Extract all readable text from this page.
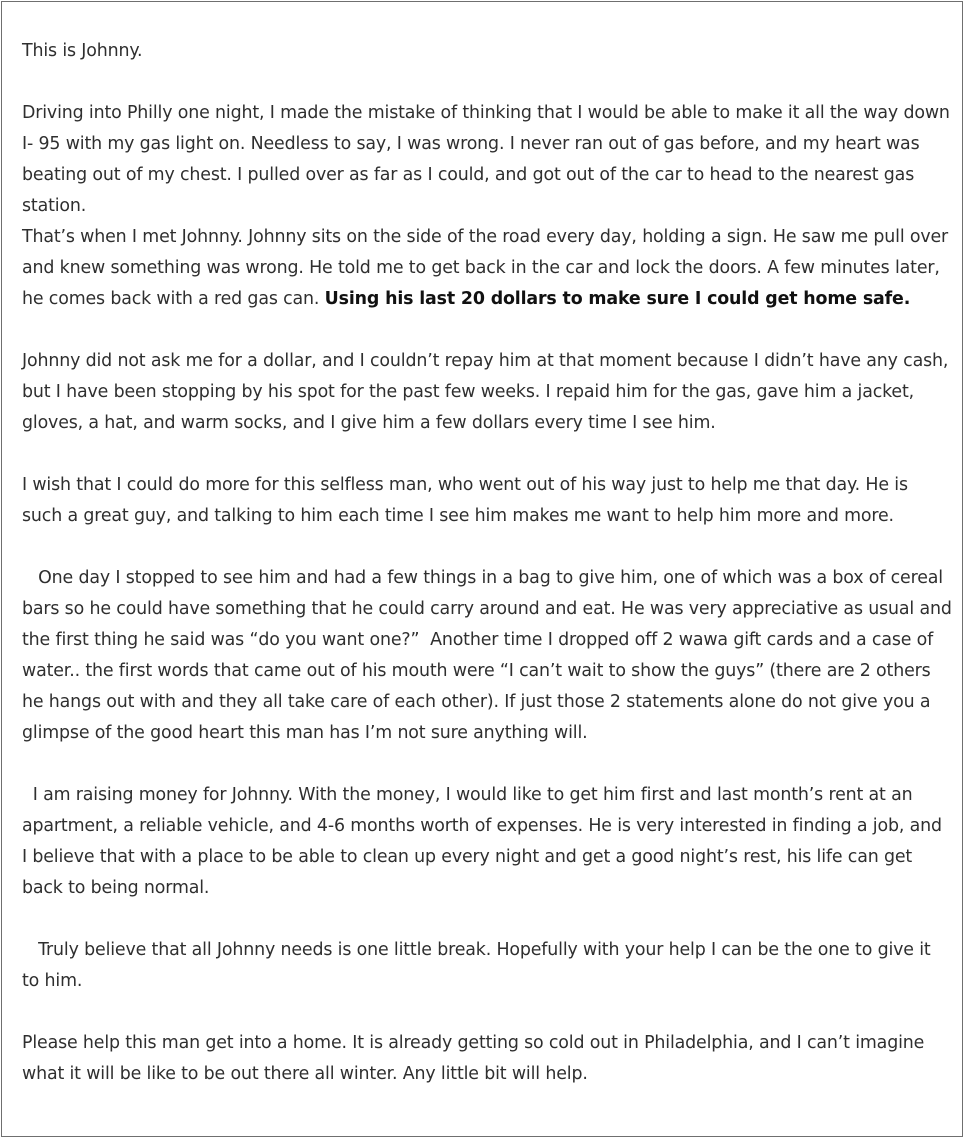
This is Johnny.

Driving into Philly one night, I made the mistake of thinking that I would be able to make it all the way down I- 95 with my gas light on. Needless to say, I was wrong. I never ran out of gas before, and my heart was beating out of my chest. I pulled over as far as I could, and got out of the car to head to the nearest gas station.

That’s when I met Johnny. Johnny sits on the side of the road every day, holding a sign. He saw me pull over and knew something was wrong. He told me to get back in the car and lock the doors. A few minutes later, he comes back with a red gas can. Using his last 20 dollars to make sure I could get home safe.

Johnny did not ask me for a dollar, and I couldn’t repay him at that moment because I didn’t have any cash, but I have been stopping by his spot for the past few weeks. I repaid him for the gas, gave him a jacket, gloves, a hat, and warm socks, and I give him a few dollars every time I see him.

I wish that I could do more for this selfless man, who went out of his way just to help me that day. He is such a great guy, and talking to him each time I see him makes me want to help him more and more.

One day I stopped to see him and had a few things in a bag to give him, one of which was a box of cereal bars so he could have something that he could carry around and eat. He was very appreciative as usual and the first thing he said was “do you want one?”  Another time I dropped off 2 wawa gift cards and a case of water.. the first words that came out of his mouth were “I can’t wait to show the guys” (there are 2 others he hangs out with and they all take care of each other). If just those 2 statements alone do not give you a glimpse of the good heart this man has I’m not sure anything will.

I am raising money for Johnny. With the money, I would like to get him first and last month’s rent at an apartment, a reliable vehicle, and 4-6 months worth of expenses. He is very interested in finding a job, and I believe that with a place to be able to clean up every night and get a good night’s rest, his life can get back to being normal.

Truly believe that all Johnny needs is one little break. Hopefully with your help I can be the one to give it to him.

Please help this man get into a home. It is already getting so cold out in Philadelphia, and I can’t imagine what it will be like to be out there all winter. Any little bit will help.
